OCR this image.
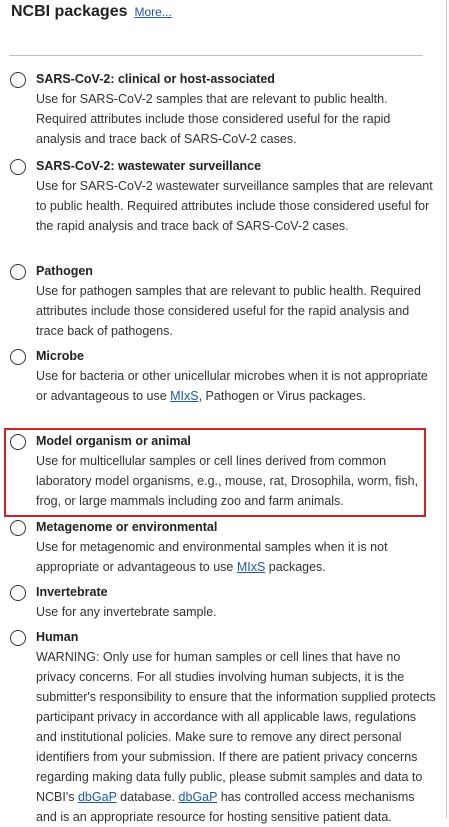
NCBI packages More...
SARS-CoV-2: clinical or host-associated
Use for SARS-CoV-2 samples that are relevant to public health. Required attributes include those considered useful for the rapid analysis and trace back of SARS-CoV-2 cases.
SARS-CoV-2: wastewater surveillance
Use for SARS-CoV-2 wastewater surveillance samples that are relevant to public health. Required attributes include those considered useful for the rapid analysis and trace back of SARS-CoV-2 cases.
Pathogen
Use for pathogen samples that are relevant to public health. Required attributes include those considered useful for the rapid analysis and trace back of pathogens.
Microbe
Use for bacteria or other unicellular microbes when it is not appropriate or advantageous to use MIxS, Pathogen or Virus packages.
Model organism or animal
Use for multicellular samples or cell lines derived from common laboratory model organisms, e.g., mouse, rat, Drosophila, worm, fish, frog, or large mammals including zoo and farm animals.
Metagenome or environmental
Use for metagenomic and environmental samples when it is not appropriate or advantageous to use MIxS packages.
Invertebrate
Use for any invertebrate sample.
Human
WARNING: Only use for human samples or cell lines that have no privacy concerns. For all studies involving human subjects, it is the submitter's responsibility to ensure that the information supplied protects participant privacy in accordance with all applicable laws, regulations and institutional policies. Make sure to remove any direct personal identifiers from your submission. If there are patient privacy concerns regarding making data fully public, please submit samples and data to NCBI's dbGaP database. dbGaP has controlled access mechanisms and is an appropriate resource for hosting sensitive patient data.
